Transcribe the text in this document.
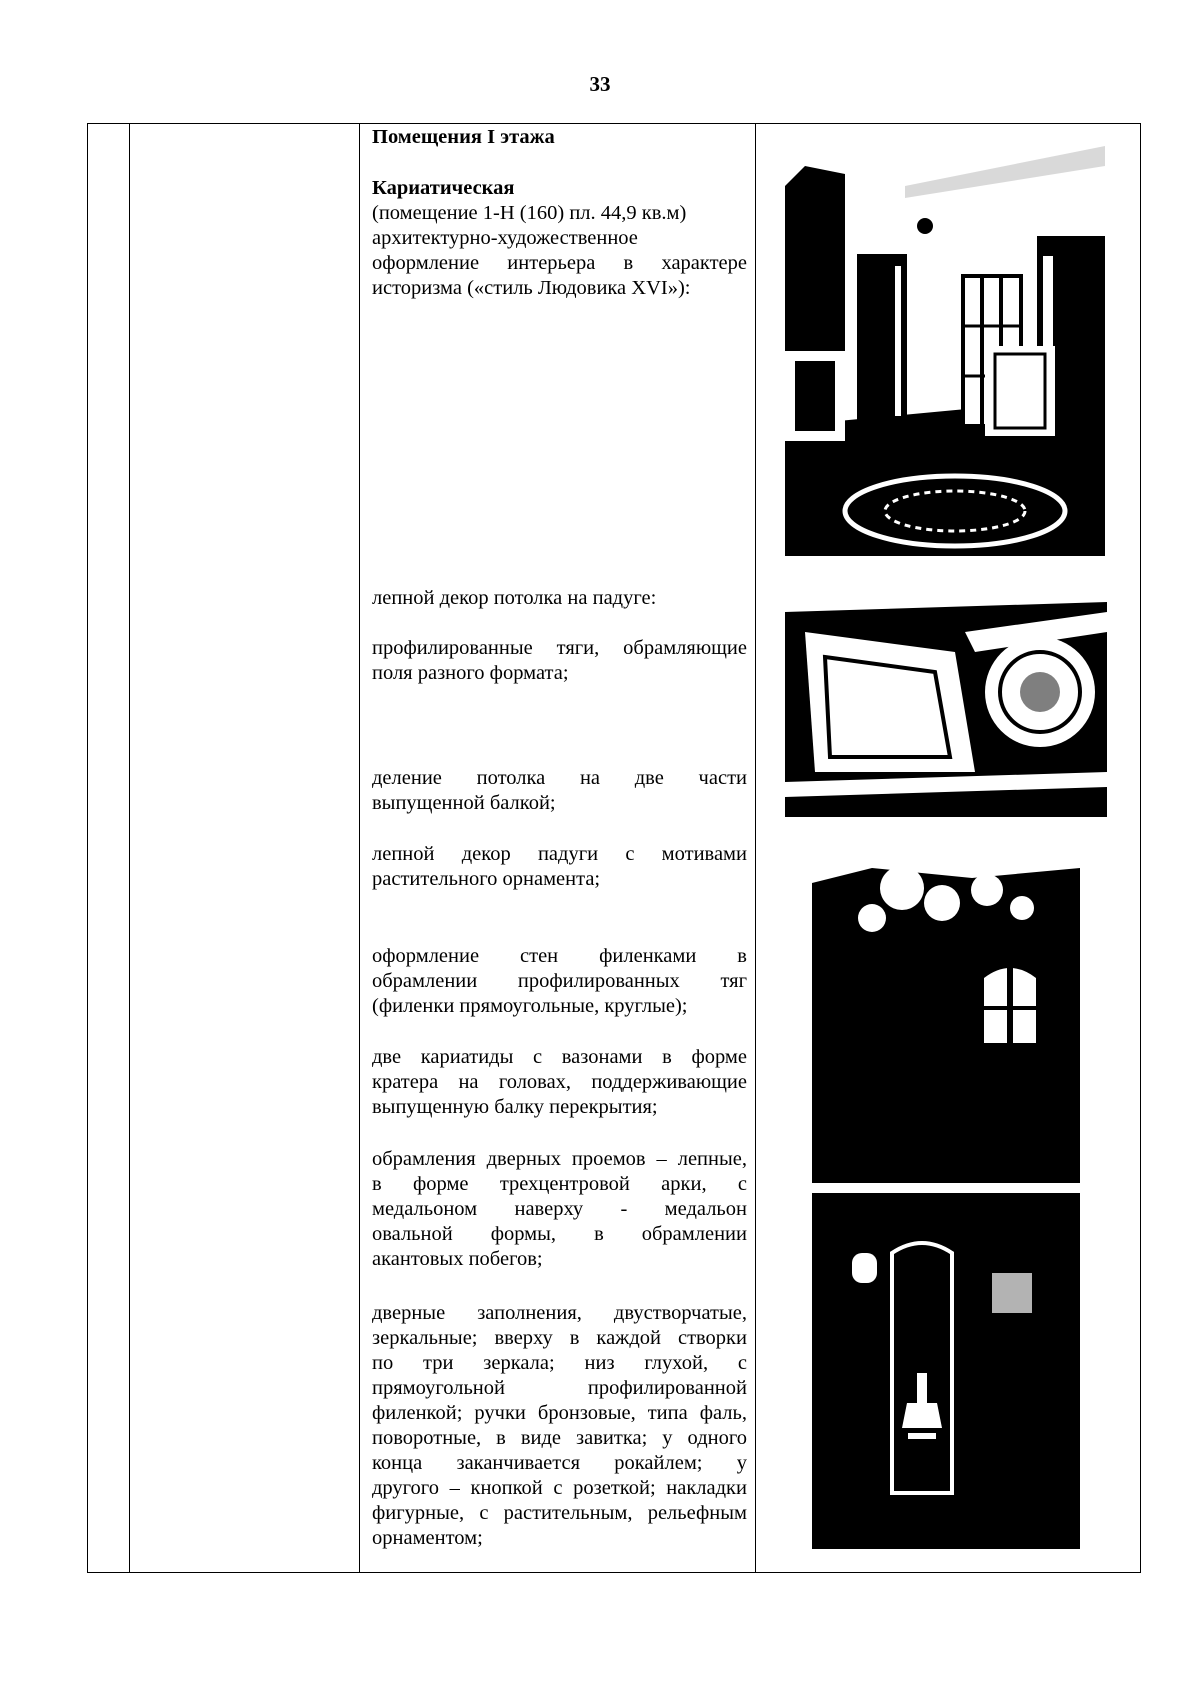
33
Помещения I этажа
Кариатическая
(помещение 1-Н (160) пл. 44,9 кв.м)
архитектурно-художественное
оформление интерьера в характере
историзма («стиль Людовика XVI»):
лепной декор потолка на падуге:
профилированные тяги, обрамляющие
поля разного формата;
деление потолка на две части
выпущенной балкой;
лепной декор падуги с мотивами
растительного орнамента;
оформление стен филенками в
обрамлении профилированных тяг
(филенки прямоугольные, круглые);
две кариатиды с вазонами в форме
кратера на головах, поддерживающие
выпущенную балку перекрытия;
обрамления дверных проемов – лепные,
в форме трехцентровой арки, с
медальоном наверху - медальон
овальной формы, в обрамлении
акантовых побегов;
дверные заполнения, двустворчатые,
зеркальные; вверху в каждой створки
по три зеркала; низ глухой, с
прямоугольной профилированной
филенкой; ручки бронзовые, типа фаль,
поворотные, в виде завитка; у одного
конца заканчивается рокайлем; у
другого – кнопкой с розеткой; накладки
фигурные, с растительным, рельефным
орнаментом;
